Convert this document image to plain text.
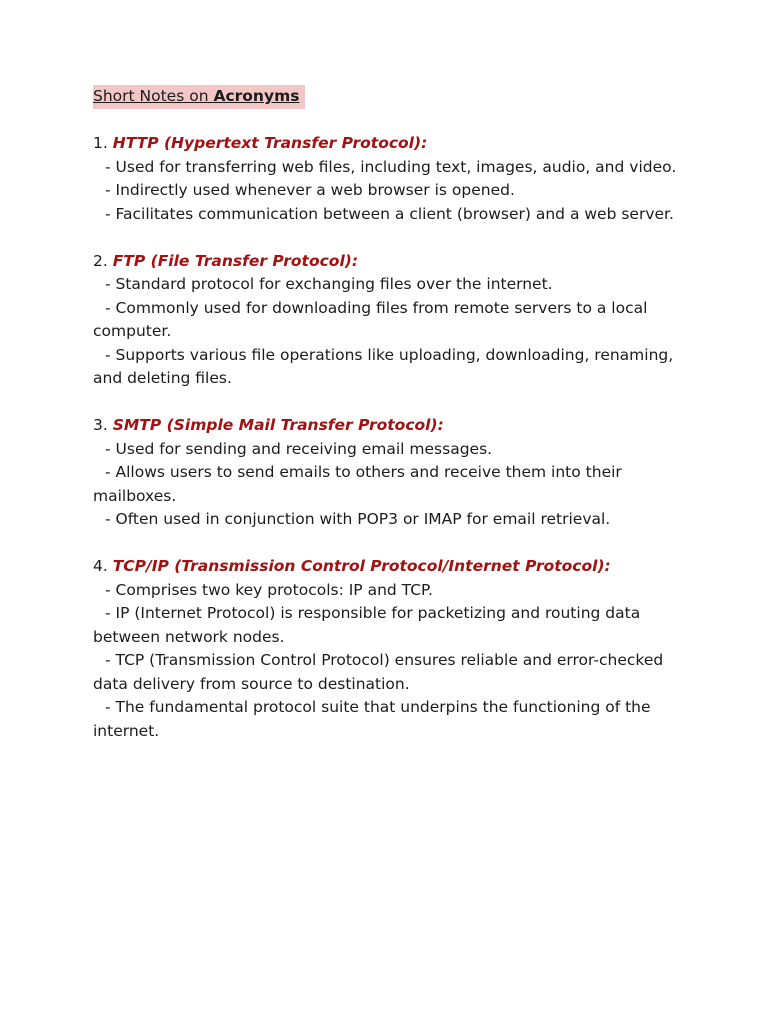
Short Notes on Acronyms
1. HTTP (Hypertext Transfer Protocol):
- Used for transferring web files, including text, images, audio, and video.
- Indirectly used whenever a web browser is opened.
- Facilitates communication between a client (browser) and a web server.
2. FTP (File Transfer Protocol):
- Standard protocol for exchanging files over the internet.
- Commonly used for downloading files from remote servers to a local computer.
- Supports various file operations like uploading, downloading, renaming, and deleting files.
3. SMTP (Simple Mail Transfer Protocol):
- Used for sending and receiving email messages.
- Allows users to send emails to others and receive them into their mailboxes.
- Often used in conjunction with POP3 or IMAP for email retrieval.
4. TCP/IP (Transmission Control Protocol/Internet Protocol):
- Comprises two key protocols: IP and TCP.
- IP (Internet Protocol) is responsible for packetizing and routing data between network nodes.
- TCP (Transmission Control Protocol) ensures reliable and error-checked data delivery from source to destination.
- The fundamental protocol suite that underpins the functioning of the internet.
